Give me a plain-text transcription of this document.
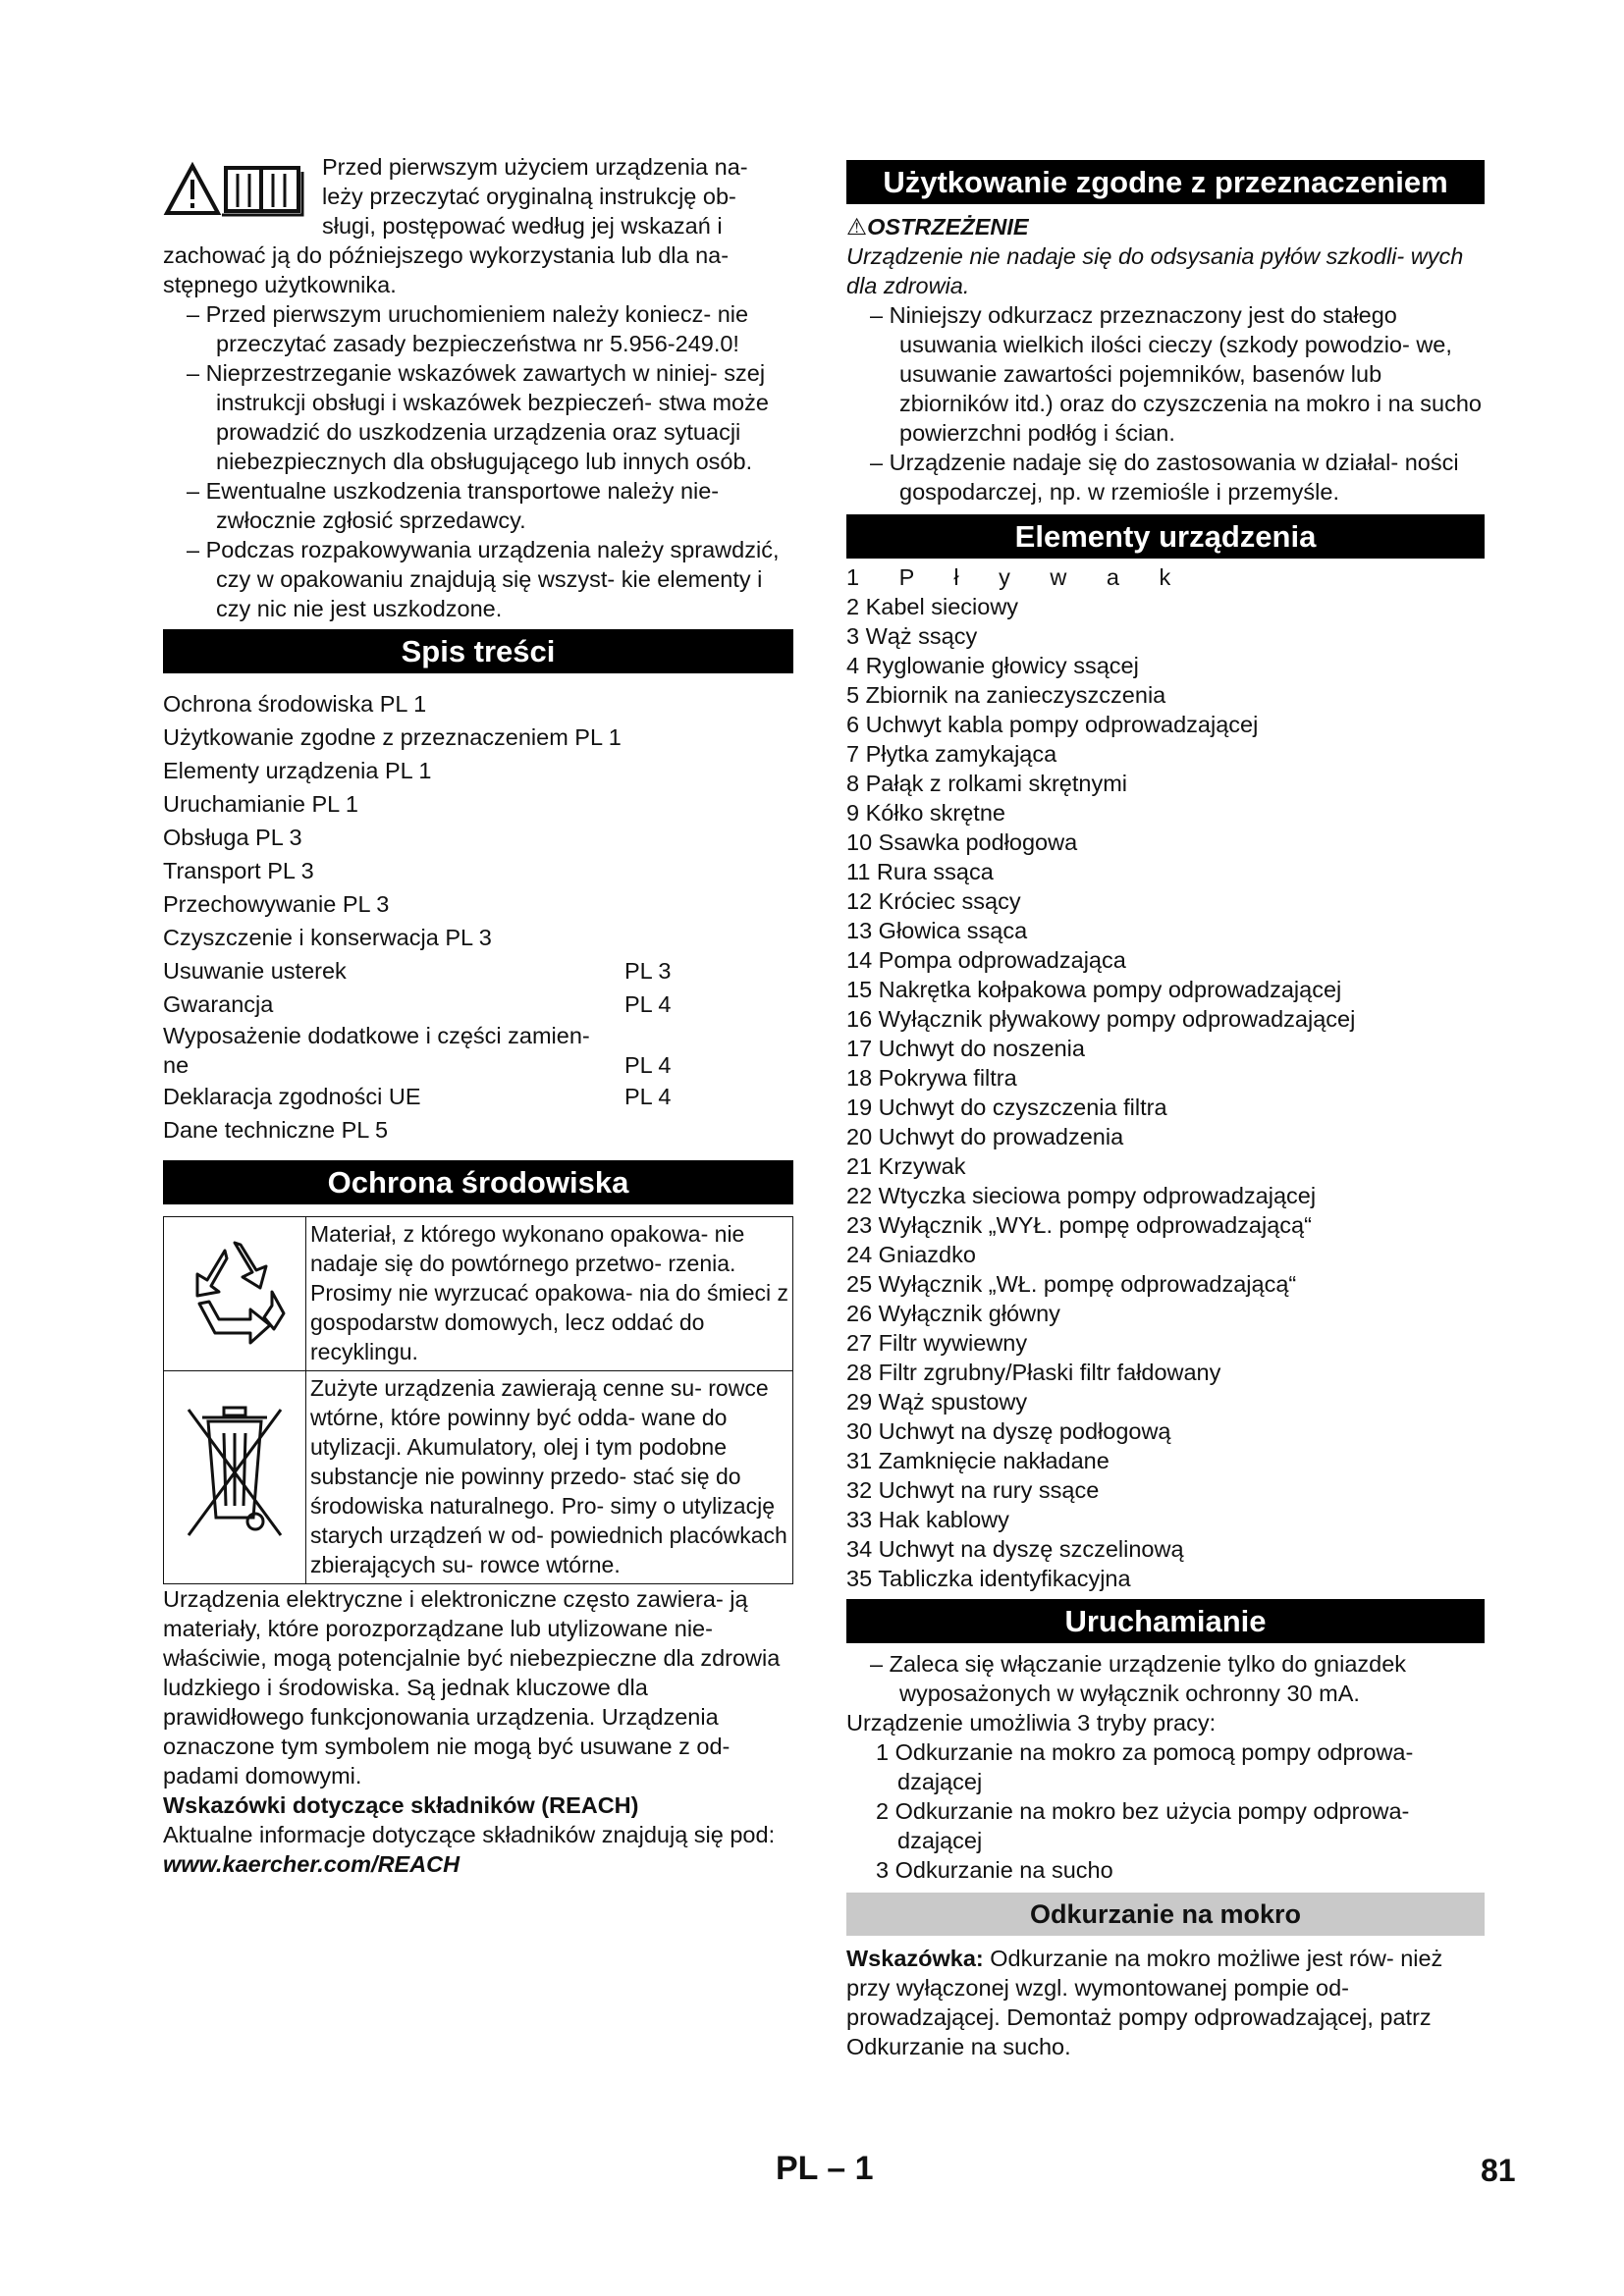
Przed pierwszym użyciem urządzenia na-

leży przeczytać oryginalną instrukcję ob-

sługi, postępować według jej wskazań i

zachować ją do późniejszego wykorzystania lub dla na-

stępnego użytkownika.

– Przed pierwszym uruchomieniem należy koniecz- nie przeczytać zasady bezpieczeństwa nr 5.956-249.0!

– Nieprzestrzeganie wskazówek zawartych w niniej- szej instrukcji obsługi i wskazówek bezpieczeń- stwa może prowadzić do uszkodzenia urządzenia oraz sytuacji niebezpiecznych dla obsługującego lub innych osób.

– Ewentualne uszkodzenia transportowe należy nie- zwłocznie zgłosić sprzedawcy.

– Podczas rozpakowywania urządzenia należy sprawdzić, czy w opakowaniu znajdują się wszyst- kie elementy i czy nic nie jest uszkodzone.

Spis treści
Ochrona środowiska PL 1
Użytkowanie zgodne z przeznaczeniem PL 1
Elementy urządzenia PL 1
Uruchamianie PL 1
Obsługa PL 3
Transport PL 3
Przechowywanie PL 3
Czyszczenie i konserwacja PL 3
Usuwanie usterek	PL 3
Gwarancja	PL 4
Wyposażenie dodatkowe i części zamien-
ne	PL 4
Deklaracja zgodności UE	PL 4
Dane techniczne PL 5
Ochrona środowiska
	Materiał, z którego wykonano opakowa- nie nadaje się do powtórnego przetwo- rzenia. Prosimy nie wyrzucać opakowa- nia do śmieci z gospodarstw domowych, lecz oddać do recyklingu.
	Zużyte urządzenia zawierają cenne su- rowce wtórne, które powinny być odda- wane do utylizacji. Akumulatory, olej i tym podobne substancje nie powinny przedo- stać się do środowiska naturalnego. Pro- simy o utylizację starych urządzeń w od- powiednich placówkach zbierających su- rowce wtórne.

Urządzenia elektryczne i elektroniczne często zawiera- ją materiały, które porozporządzane lub utylizowane nie- właściwie, mogą potencjalnie być niebezpieczne dla zdrowia ludzkiego i środowiska. Są jednak kluczowe dla prawidłowego funkcjonowania urządzenia. Urządzenia oznaczone tym symbolem nie mogą być usuwane z od- padami domowymi.

Wskazówki dotyczące składników (REACH)

Aktualne informacje dotyczące składników znajdują się pod:

www.kaercher.com/REACH

Użytkowanie zgodne z przeznaczeniem

⚠OSTRZEŻENIE

Urządzenie nie nadaje się do odsysania pyłów szkodli- wych dla zdrowia.

– Niniejszy odkurzacz przeznaczony jest do stałego usuwania wielkich ilości cieczy (szkody powodzio- we, usuwanie zawartości pojemników, basenów lub zbiorników itd.) oraz do czyszczenia na mokro i na sucho powierzchni podłóg i ścian.

– Urządzenie nadaje się do zastosowania w działal- ności gospodarczej, np. w rzemiośle i przemyśle.

Elementy urządzenia

1 P ł y w a k

2 Kabel sieciowy

3 Wąż ssący

4 Ryglowanie głowicy ssącej

5 Zbiornik na zanieczyszczenia

6 Uchwyt kabla pompy odprowadzającej

7 Płytka zamykająca

8 Pałąk z rolkami skrętnymi

9 Kółko skrętne

10 Ssawka podłogowa

11 Rura ssąca

12 Króciec ssący

13 Głowica ssąca

14 Pompa odprowadzająca

15 Nakrętka kołpakowa pompy odprowadzającej

16 Wyłącznik pływakowy pompy odprowadzającej

17 Uchwyt do noszenia

18 Pokrywa filtra

19 Uchwyt do czyszczenia filtra

20 Uchwyt do prowadzenia

21 Krzywak

22 Wtyczka sieciowa pompy odprowadzającej

23 Wyłącznik „WYŁ. pompę odprowadzającą“

24 Gniazdko

25 Wyłącznik „WŁ. pompę odprowadzającą“

26 Wyłącznik główny

27 Filtr wywiewny

28 Filtr zgrubny/Płaski filtr fałdowany

29 Wąż spustowy

30 Uchwyt na dyszę podłogową

31 Zamknięcie nakładane

32 Uchwyt na rury ssące

33 Hak kablowy

34 Uchwyt na dyszę szczelinową

35 Tabliczka identyfikacyjna

Uruchamianie

– Zaleca się włączanie urządzenie tylko do gniazdek wyposażonych w wyłącznik ochronny 30 mA.

Urządzenie umożliwia 3 tryby pracy:

1 Odkurzanie na mokro za pomocą pompy odprowa- dzającej

2 Odkurzanie na mokro bez użycia pompy odprowa- dzającej

3 Odkurzanie na sucho

Odkurzanie na mokro

Wskazówka: Odkurzanie na mokro możliwe jest rów- nież przy wyłączonej wzgl. wymontowanej pompie od- prowadzającej. Demontaż pompy odprowadzającej, patrz Odkurzanie na sucho.

PL – 1	81
